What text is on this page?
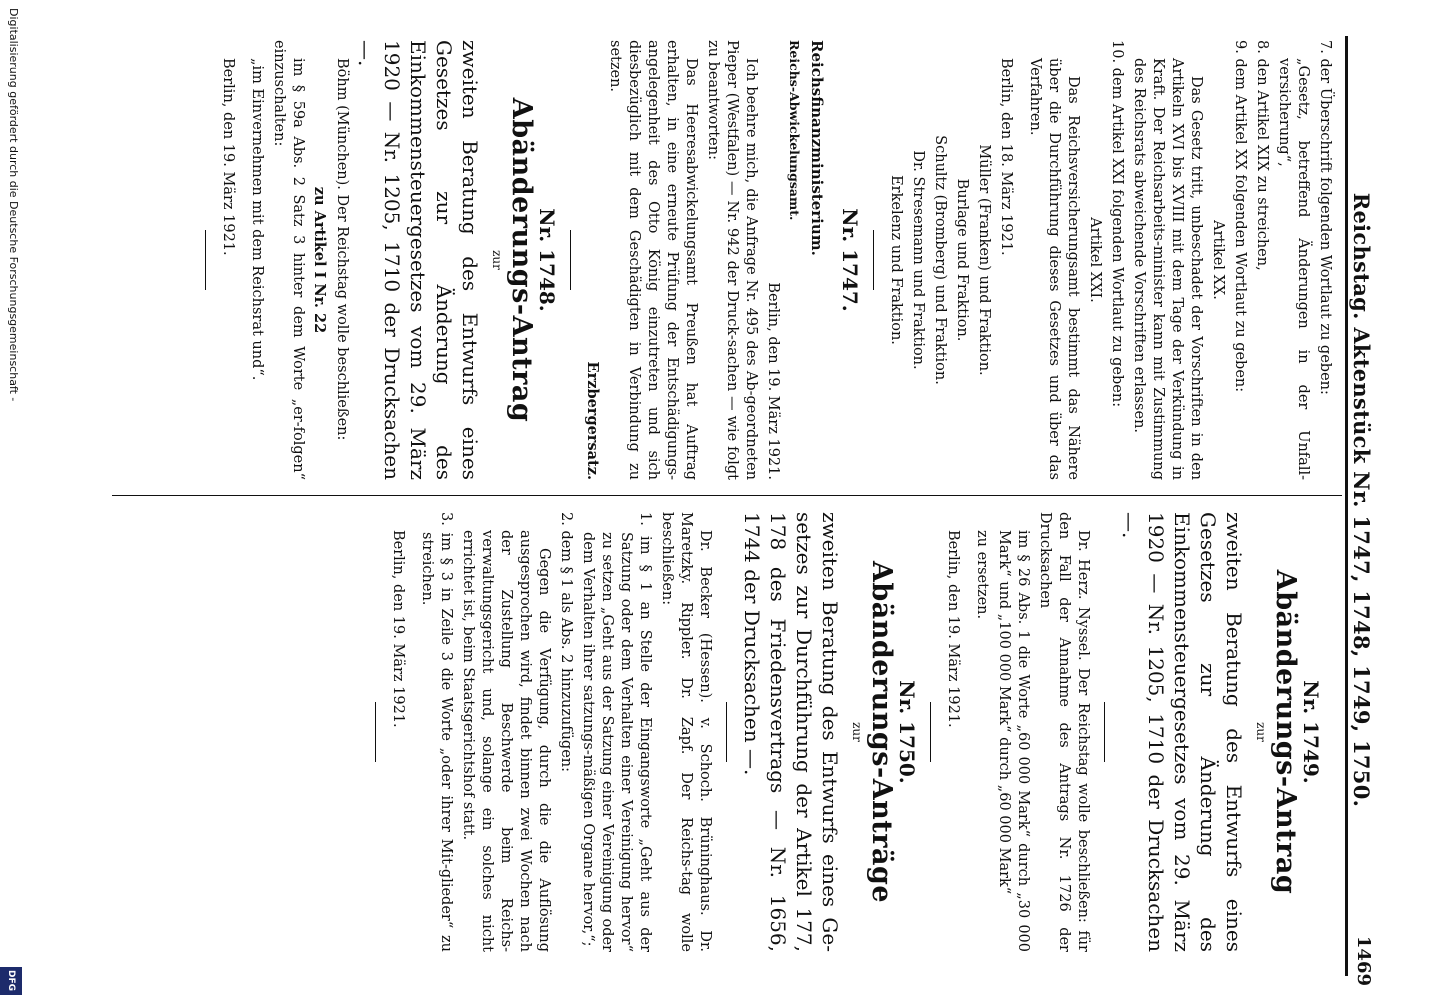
Reichstag. Aktenstück Nr. 1747, 1748, 1749, 1750.
1469

7. der Überschrift folgenden Wortlaut zu geben:

„Gesetz, betreffend Änderungen in der Unfall-versicherung“,

8. den Artikel XIX zu streichen,

9. dem Artikel XX folgenden Wortlaut zu geben:

Artikel XX.

Das Gesetz tritt, unbeschadet der Vorschriften in den Artikeln XVI bis XVIII mit dem Tage der Verkündung in Kraft. Der Reichsarbeits-minister kann mit Zustimmung des Reichsrats abweichende Vorschriften erlassen.

10. dem Artikel XXI folgenden Wortlaut zu geben:

Artikel XXI.

Das Reichsversicherungsamt bestimmt das Nähere über die Durchführung dieses Gesetzes und über das Verfahren.

Berlin, den 18. März 1921.

Müller (Franken) und Fraktion.

Burlage und Fraktion.

Schultz (Bromberg) und Fraktion.

Dr. Stresemann und Fraktion.

Erkelenz und Fraktion.

Nr. 1747.

Reichsfinanzministerium.

Reichs-Abwickelungsamt.

Berlin, den 19. März 1921.

Ich beehre mich, die Anfrage Nr. 495 des Ab-geordneten Pieper (Westfalen) — Nr. 942 der Druck-sachen — wie folgt zu beantworten:

Das Heeresabwickelungsamt Preußen hat Auftrag erhalten, in eine erneute Prüfung der Entschädigungs-angelegenheit des Otto König einzutreten und sich diesbezüglich mit dem Geschädigten in Verbindung zu setzen.

Erzbergersatz.

Nr. 1748.
Abänderungs-Antrag
zur

zweiten Beratung des Entwurfs eines Gesetzes zur Änderung des Einkommensteuergesetzes vom 29. März 1920 — Nr. 1205, 1710 der Drucksachen —.

Böhm (München). Der Reichstag wolle beschließen:

zu Artikel I Nr. 22

im § 59a Abs. 2 Satz 3 hinter dem Worte „er-folgen“ einzuschalten:

„im Einvernehmen mit dem Reichsrat und“.

Berlin, den 19. März 1921.

Nr. 1749.
Abänderungs-Antrag
zur

zweiten Beratung des Entwurfs eines Gesetzes zur Änderung des Einkommensteuergesetzes vom 29. März 1920 — Nr. 1205, 1710 der Drucksachen —.

Dr. Herz. Nyssel. Der Reichstag wolle beschließen: für den Fall der Annahme des Antrags Nr. 1726 der Drucksachen

im § 26 Abs. 1 die Worte „60 000 Mark“ durch „30 000 Mark“ und „100 000 Mark“ durch „60 000 Mark“

zu ersetzen.

Berlin, den 19. März 1921.

Nr. 1750.
Abänderungs-Anträge
zur

zweiten Beratung des Entwurfs eines Ge-setzes zur Durchführung der Artikel 177, 178 des Friedensvertrags — Nr. 1656, 1744 der Drucksachen —.

Dr. Becker (Hessen). v. Schoch. Brüninghaus. Dr. Maretzky. Rippler. Dr. Zapf. Der Reichs-tag wolle beschließen:

1. im § 1 an Stelle der Eingangsworte „Geht aus der Satzung oder dem Verhalten einer Vereinigung hervor“ zu setzen „Geht aus der Satzung einer Vereinigung oder dem Verhalten ihrer satzungs-mäßigen Organe hervor,“;

2. dem § 1 als Abs. 2 hinzuzufügen:

Gegen die Verfügung, durch die die Auflösung ausgesprochen wird, findet binnen zwei Wochen nach der Zustellung Beschwerde beim Reichs-verwaltungsgericht und, solange ein solches nicht errichtet ist, beim Staatsgerichtshof statt.

3. im § 3 in Zeile 3 die Worte „oder ihrer Mit-glieder“ zu streichen.

Berlin, den 19. März 1921.

Digitalisierung gefördert durch die Deutsche Forschungsgemeinschaft -
DFG
